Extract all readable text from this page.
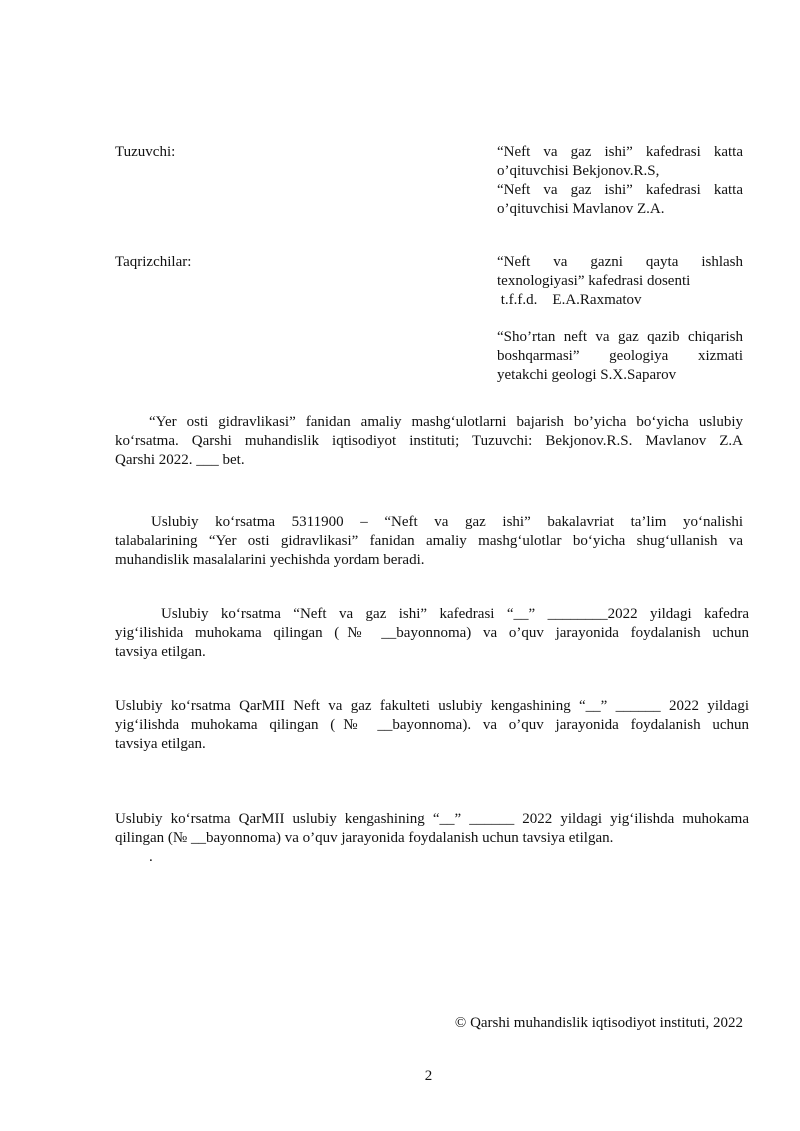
Tuzuvchi:	“Neft va gaz ishi” kafedrasi katta
o’qituvchisi Bekjonov.R.S,
“Neft va gaz ishi” kafedrasi katta
o’qituvchisi Mavlanov Z.A.
Taqrizchilar:	“Neft va gazni qayta ishlash
texnologiyasi” kafedrasi dosenti
t.f.f.d.    E.A.Raxmatov
“Sho’rtan neft va gaz qazib chiqarish
boshqarmasi” geologiya xizmati
yetakchi geologi S.X.Saparov
“Yer osti gidravlikasi” fanidan amaliy mashg‘ulotlarni bajarish bo’yicha bo‘yicha uslubiy
ko‘rsatma. Qarshi muhandislik iqtisodiyot instituti; Tuzuvchi: Bekjonov.R.S. Mavlanov Z.A
Qarshi 2022. ___ bet.
Uslubiy ko‘rsatma 5311900 – “Neft va gaz ishi” bakalavriat ta’lim yo‘nalishi
talabalarining “Yer osti gidravlikasi” fanidan amaliy mashg‘ulotlar bo‘yicha shug‘ullanish va
muhandislik masalalarini yechishda yordam beradi.
Uslubiy ko‘rsatma “Neft va gaz ishi” kafedrasi “__” ________2022 yildagi kafedra
yig‘ilishida muhokama qilingan (№ __bayonnoma) va o’quv jarayonida foydalanish uchun
tavsiya etilgan.
Uslubiy ko‘rsatma QarMII Neft va gaz fakulteti uslubiy kengashining “__” ______ 2022 yildagi
yig‘ilishda muhokama qilingan (№ __bayonnoma). va o’quv jarayonida foydalanish uchun
tavsiya etilgan.
Uslubiy ko‘rsatma QarMII uslubiy kengashining “__” ______ 2022 yildagi yig‘ilishda muhokama
qilingan (№ __bayonnoma) va o’quv jarayonida foydalanish uchun tavsiya etilgan.
.
© Qarshi muhandislik iqtisodiyot instituti, 2022
2
